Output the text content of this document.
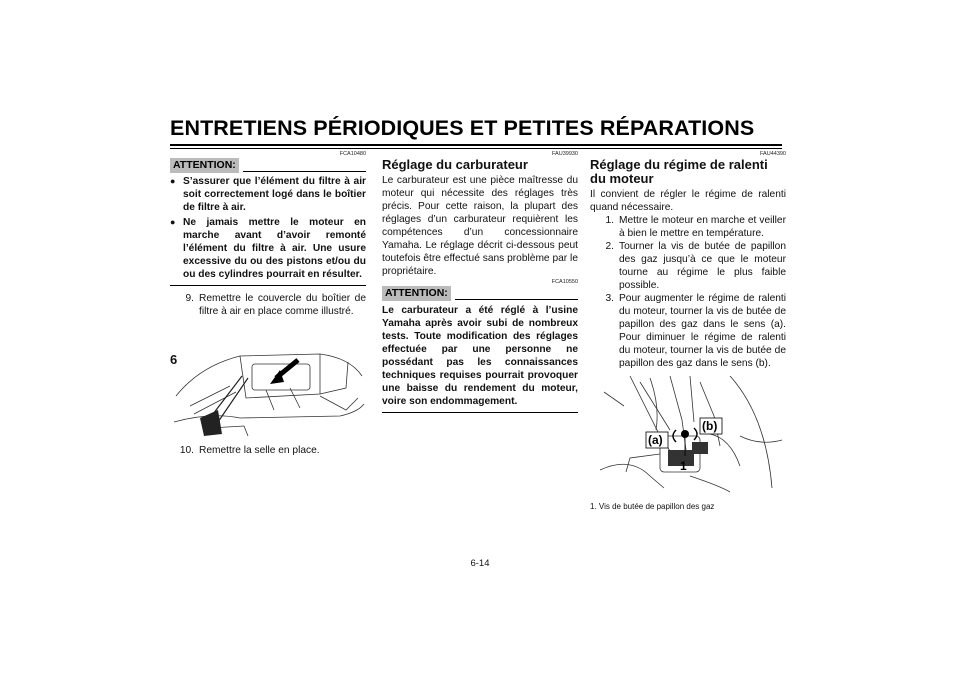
ENTRETIENS PÉRIODIQUES ET PETITES RÉPARATIONS
6
FCA10480
ATTENTION:
● S’assurer que l’élément du filtre à air soit correctement logé dans le boîtier de filtre à air.
● Ne jamais mettre le moteur en marche avant d’avoir remonté l’élément du filtre à air. Une usure excessive du ou des pistons et/ou du ou des cylindres pourrait en résulter.
9. Remettre le couvercle du boîtier de filtre à air en place comme illustré.
10. Remettre la selle en place.
FAU39930
Réglage du carburateur

Le carburateur est une pièce maîtresse du moteur qui nécessite des réglages très précis. Pour cette raison, la plupart des réglages d’un carburateur requièrent les compétences d’un concessionnaire Yamaha. Le réglage décrit ci-dessous peut toutefois être effectué sans problème par le propriétaire.

FCA10550
ATTENTION:

Le carburateur a été réglé à l’usine Yamaha après avoir subi de nombreux tests. Toute modification des réglages effectuée par une personne ne possédant pas les connaissances techniques requises pourrait provoquer une baisse du rendement du moteur, voire son endommagement.

FAU44390
Réglage du régime de ralenti du moteur

Il convient de régler le régime de ralenti quand nécessaire.

1. Mettre le moteur en marche et veiller à bien le mettre en température.
2. Tourner la vis de butée de papillon des gaz jusqu’à ce que le moteur tourne au régime le plus faible possible.
3. Pour augmenter le régime de ralenti du moteur, tourner la vis de butée de papillon des gaz dans le sens (a). Pour diminuer le régime de ralenti du moteur, tourner la vis de butée de papillon des gaz dans le sens (b).
(a)
(b)
1
1. Vis de butée de papillon des gaz
6-14
